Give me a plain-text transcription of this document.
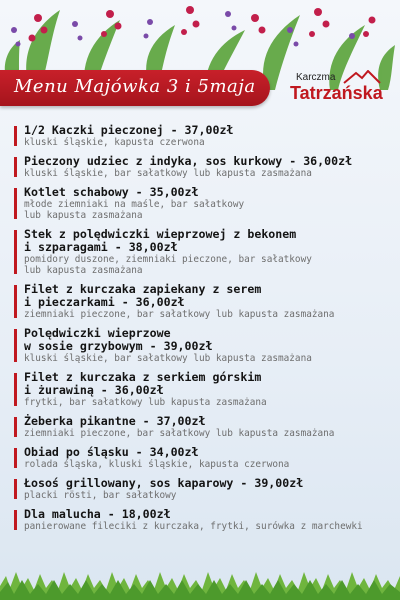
Menu Majówka 3 i 5maja	Karczma
Tatrzańska
1/2 Kaczki pieczonej - 37,00zł
kluski śląskie, kapusta czerwona
Pieczony udziec z indyka, sos kurkowy - 36,00zł
kluski śląskie, bar sałatkowy lub kapusta zasmażana
Kotlet schabowy - 35,00zł
młode ziemniaki na maśle, bar sałatkowy
lub kapusta zasmażana
Stek z polędwiczki wieprzowej z bekonem
i szparagami - 38,00zł
pomidory duszone, ziemniaki pieczone, bar sałatkowy
lub kapusta zasmażana
Filet z kurczaka zapiekany z serem
i pieczarkami - 36,00zł
ziemniaki pieczone, bar sałatkowy lub kapusta zasmażana
Polędwiczki wieprzowe
w sosie grzybowym - 39,00zł
kluski śląskie, bar sałatkowy lub kapusta zasmażana
Filet z kurczaka z serkiem górskim
i żurawiną - 36,00zł
frytki, bar sałatkowy lub kapusta zasmażana
Żeberka pikantne - 37,00zł
ziemniaki pieczone, bar sałatkowy lub kapusta zasmażana
Obiad po śląsku - 34,00zł
rolada śląska, kluski śląskie, kapusta czerwona
Łosoś grillowany, sos kaparowy - 39,00zł
placki rösti, bar sałatkowy
Dla malucha - 18,00zł
panierowane fileciki z kurczaka, frytki, surówka z marchewki
